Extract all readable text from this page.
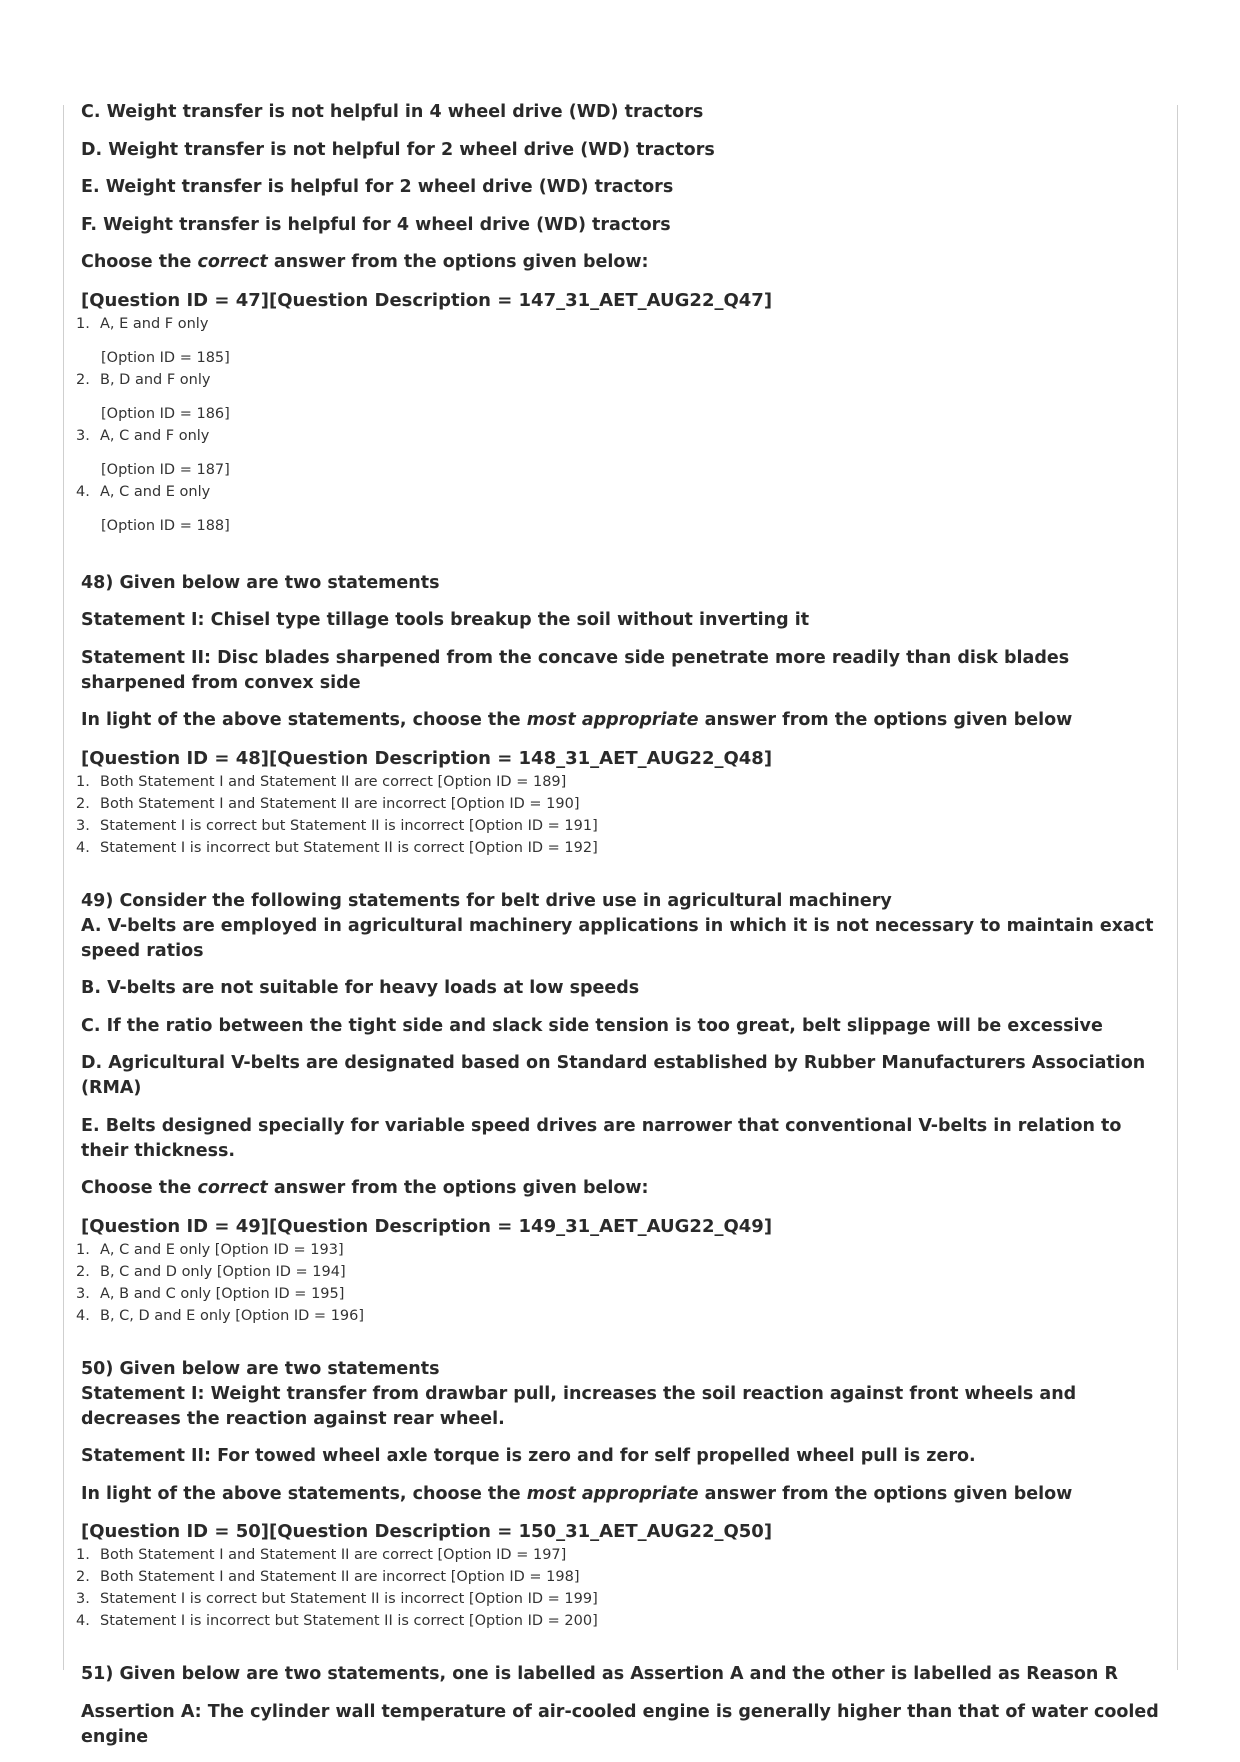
C. Weight transfer is not helpful in 4 wheel drive (WD) tractors

D. Weight transfer is not helpful for 2 wheel drive (WD) tractors

E. Weight transfer is helpful for 2 wheel drive (WD) tractors

F. Weight transfer is helpful for 4 wheel drive (WD) tractors

Choose the correct answer from the options given below:

[Question ID = 47][Question Description = 147_31_AET_AUG22_Q47]

1. A, E and F only
[Option ID = 185]
2. B, D and F only
[Option ID = 186]
3. A, C and F only
[Option ID = 187]
4. A, C and E only
[Option ID = 188]

48) Given below are two statements

Statement I: Chisel type tillage tools breakup the soil without inverting it

Statement II: Disc blades sharpened from the concave side penetrate more readily than disk blades sharpened from convex side

In light of the above statements, choose the most appropriate answer from the options given below

[Question ID = 48][Question Description = 148_31_AET_AUG22_Q48]

1. Both Statement I and Statement II are correct [Option ID = 189]
2. Both Statement I and Statement II are incorrect [Option ID = 190]
3. Statement I is correct but Statement II is incorrect [Option ID = 191]
4. Statement I is incorrect but Statement II is correct [Option ID = 192]

49) Consider the following statements for belt drive use in agricultural machinery

A. V-belts are employed in agricultural machinery applications in which it is not necessary to maintain exact speed ratios

B. V-belts are not suitable for heavy loads at low speeds

C. If the ratio between the tight side and slack side tension is too great, belt slippage will be excessive

D. Agricultural V-belts are designated based on Standard established by Rubber Manufacturers Association (RMA)

E. Belts designed specially for variable speed drives are narrower that conventional V-belts in relation to their thickness.

Choose the correct answer from the options given below:

[Question ID = 49][Question Description = 149_31_AET_AUG22_Q49]

1. A, C and E only [Option ID = 193]
2. B, C and D only [Option ID = 194]
3. A, B and C only [Option ID = 195]
4. B, C, D and E only [Option ID = 196]

50) Given below are two statements

Statement I: Weight transfer from drawbar pull, increases the soil reaction against front wheels and decreases the reaction against rear wheel.

Statement II: For towed wheel axle torque is zero and for self propelled wheel pull is zero.

In light of the above statements, choose the most appropriate answer from the options given below

[Question ID = 50][Question Description = 150_31_AET_AUG22_Q50]

1. Both Statement I and Statement II are correct [Option ID = 197]
2. Both Statement I and Statement II are incorrect [Option ID = 198]
3. Statement I is correct but Statement II is incorrect [Option ID = 199]
4. Statement I is incorrect but Statement II is correct [Option ID = 200]

51) Given below are two statements, one is labelled as Assertion A and the other is labelled as Reason R

Assertion A: The cylinder wall temperature of air-cooled engine is generally higher than that of water cooled engine
